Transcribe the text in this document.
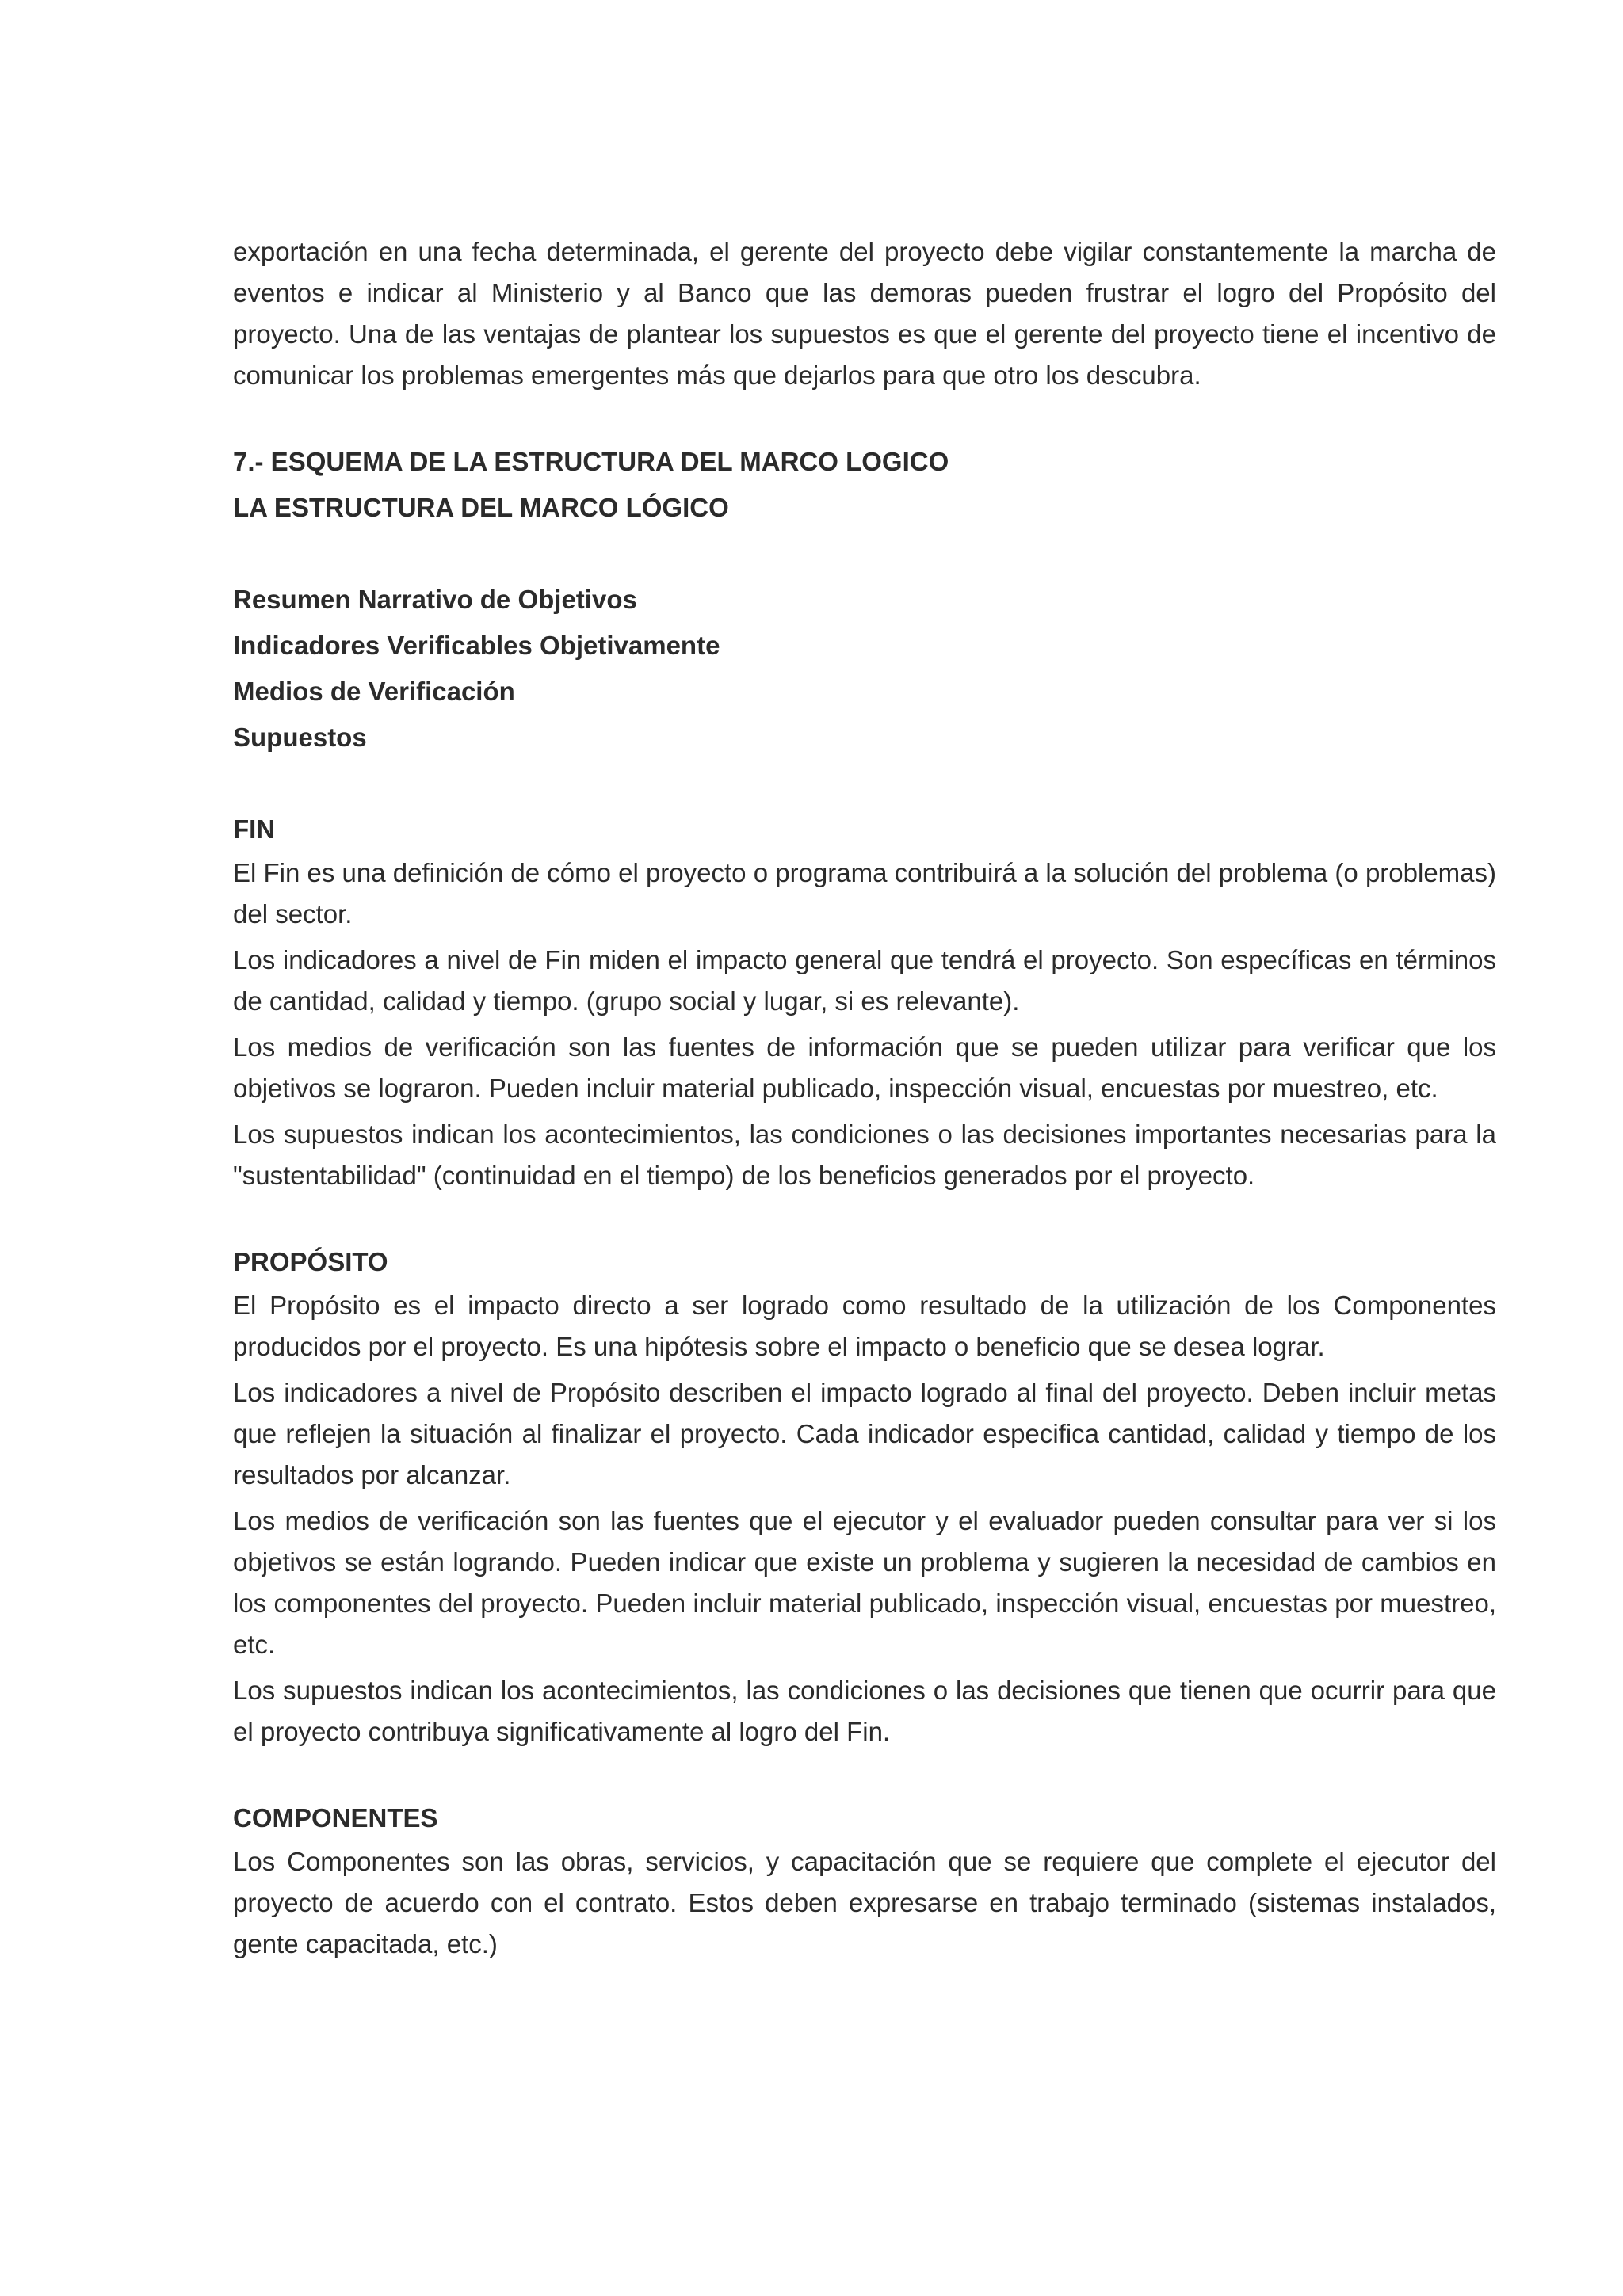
exportación en una fecha determinada, el gerente del proyecto debe vigilar constantemente la marcha de eventos e indicar al Ministerio y al Banco que las demoras pueden frustrar el logro del Propósito del proyecto. Una de las ventajas de plantear los supuestos es que el gerente del proyecto tiene el incentivo de comunicar los problemas emergentes más que dejarlos para que otro los descubra.

7.- ESQUEMA DE LA ESTRUCTURA DEL MARCO LOGICO
LA ESTRUCTURA DEL MARCO LÓGICO
Resumen Narrativo de Objetivos
Indicadores Verificables Objetivamente
Medios de Verificación
Supuestos
FIN

El Fin es una definición de cómo el proyecto o programa contribuirá a la solución del problema (o problemas) del sector.

Los indicadores a nivel de Fin miden el impacto general que tendrá el proyecto. Son específicas en términos de cantidad, calidad y tiempo. (grupo social y lugar, si es relevante).

Los medios de verificación son las fuentes de información que se pueden utilizar para verificar que los objetivos se lograron. Pueden incluir material publicado, inspección visual, encuestas por muestreo, etc.

Los supuestos indican los acontecimientos, las condiciones o las decisiones importantes necesarias para la "sustentabilidad" (continuidad en el tiempo) de los beneficios generados por el proyecto.

PROPÓSITO

El Propósito es el impacto directo a ser logrado como resultado de la utilización de los Componentes producidos por el proyecto. Es una hipótesis sobre el impacto o beneficio que se desea lograr.

Los indicadores a nivel de Propósito describen el impacto logrado al final del proyecto. Deben incluir metas que reflejen la situación al finalizar el proyecto. Cada indicador especifica cantidad, calidad y tiempo de los resultados por alcanzar.

Los medios de verificación son las fuentes que el ejecutor y el evaluador pueden consultar para ver si los objetivos se están logrando. Pueden indicar que existe un problema y sugieren la necesidad de cambios en los componentes del proyecto. Pueden incluir material publicado, inspección visual, encuestas por muestreo, etc.

Los supuestos indican los acontecimientos, las condiciones o las decisiones que tienen que ocurrir para que el proyecto contribuya significativamente al logro del Fin.

COMPONENTES

Los Componentes son las obras, servicios, y capacitación que se requiere que complete el ejecutor del proyecto de acuerdo con el contrato. Estos deben expresarse en trabajo terminado (sistemas instalados, gente capacitada, etc.)
